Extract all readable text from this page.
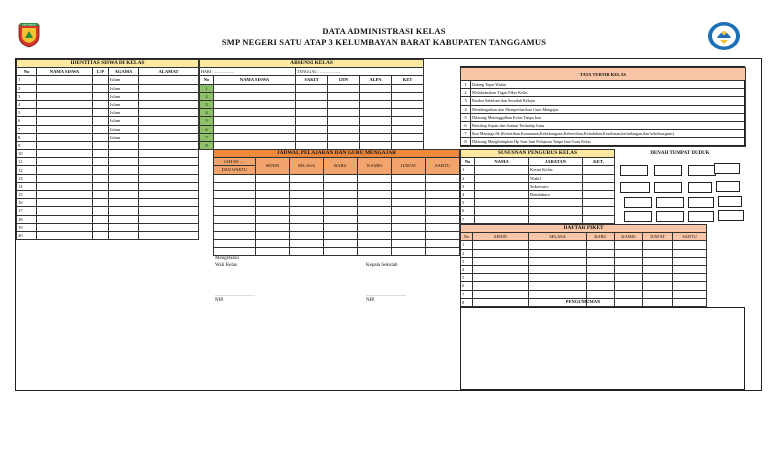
DATA ADMINISTRASI KELAS
SMP NEGERI SATU ATAP 3 KELUMBAYAN BARAT KABUPATEN TANGGAMUS
TANGGAMUS
IDENTITAS SISWA DI KELAS				
No	NAMA SISWA	L/P	AGAMA	ALAMAT
1			Islam	
2			Islam	
3			Islam	
4			Islam	
5			Islam	
6			Islam	
7			Islam	
8			Islam	
9				
10				
11				
12				
13				
14				
15				
16				
17				
18				
19				
20				
ABSENSI KELAS					
HARI : ...................		TANGGAL : ....................			
No	NAMA SISWA	SAKIT	IJIN	ALPA	KET
1					
2					
3					
4					
5					
6					
7					
8					
JADWAL PELAJARAN DAN GURU MENGAJAR						
JAM KE .....	SENIN	SELASA	RABU	KAMIS	JUM'AT	SABTU
DAN WAKTU						

TATA TERTIB KELAS	
1	Datang Tepat Waktu
2	Melaksanakan Tugas Piket Kelas
3	Berdoa Sebelum dan Sesudah Belajar
4	Mendengarkan dan Memperhatikan Guru Mengajar
5	Dilarang Meninggalkan Kelas Tanpa Izin
6	Bersikap Sopan dan Santun Terhadap Guru
7	Ikut Menjaga 8k (Ketertiban,Keamanan,Kebekangaan,Kebersihan,Keindahan,Kesehatan,kerindangan,dan kekeluargaan)
8	Dilarang Menghidupkan Hp Saat Jam Pelajaran Tanpa Izin Guru Kelas
SUSUSNAN PENGURUS KELAS			
No	NAMA	JABATAN	KET.
1		Ketua Kelas	
2		Wakil	
3		Sekretaris	
4		Bendahara	
5			
6			
7			

DENAH TEMPAT DUDUK
DAFTAR PIKET						
No	SENIN	SELASA	RABU	KAMIS	JUM'AT	SABTU
1						
2						
3						
4						
5						
6						
7						
8							PENGUMUMAN
Mengetahui
Wali Kelas	Kepala Sekolah
........................................	........................................
NIP.	NIP.
